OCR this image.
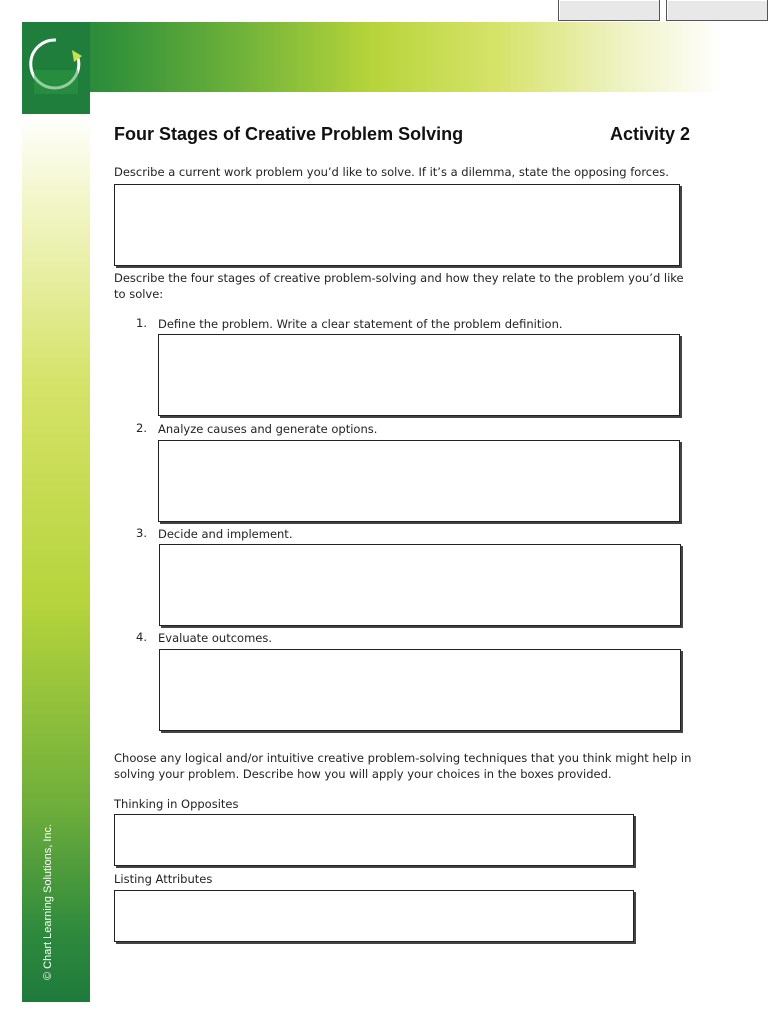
© Chart Learning Solutions, Inc.
Four Stages of Creative Problem Solving	Activity 2
Describe a current work problem you’d like to solve. If it’s a dilemma, state the opposing forces.
Describe the four stages of creative problem-solving and how they relate to the problem you’d like to solve:
1. Define the problem. Write a clear statement of the problem definition.
2. Analyze causes and generate options.
3. Decide and implement.
4. Evaluate outcomes.
Choose any logical and/or intuitive creative problem-solving techniques that you think might help in solving your problem. Describe how you will apply your choices in the boxes provided.
Thinking in Opposites
Listing Attributes
